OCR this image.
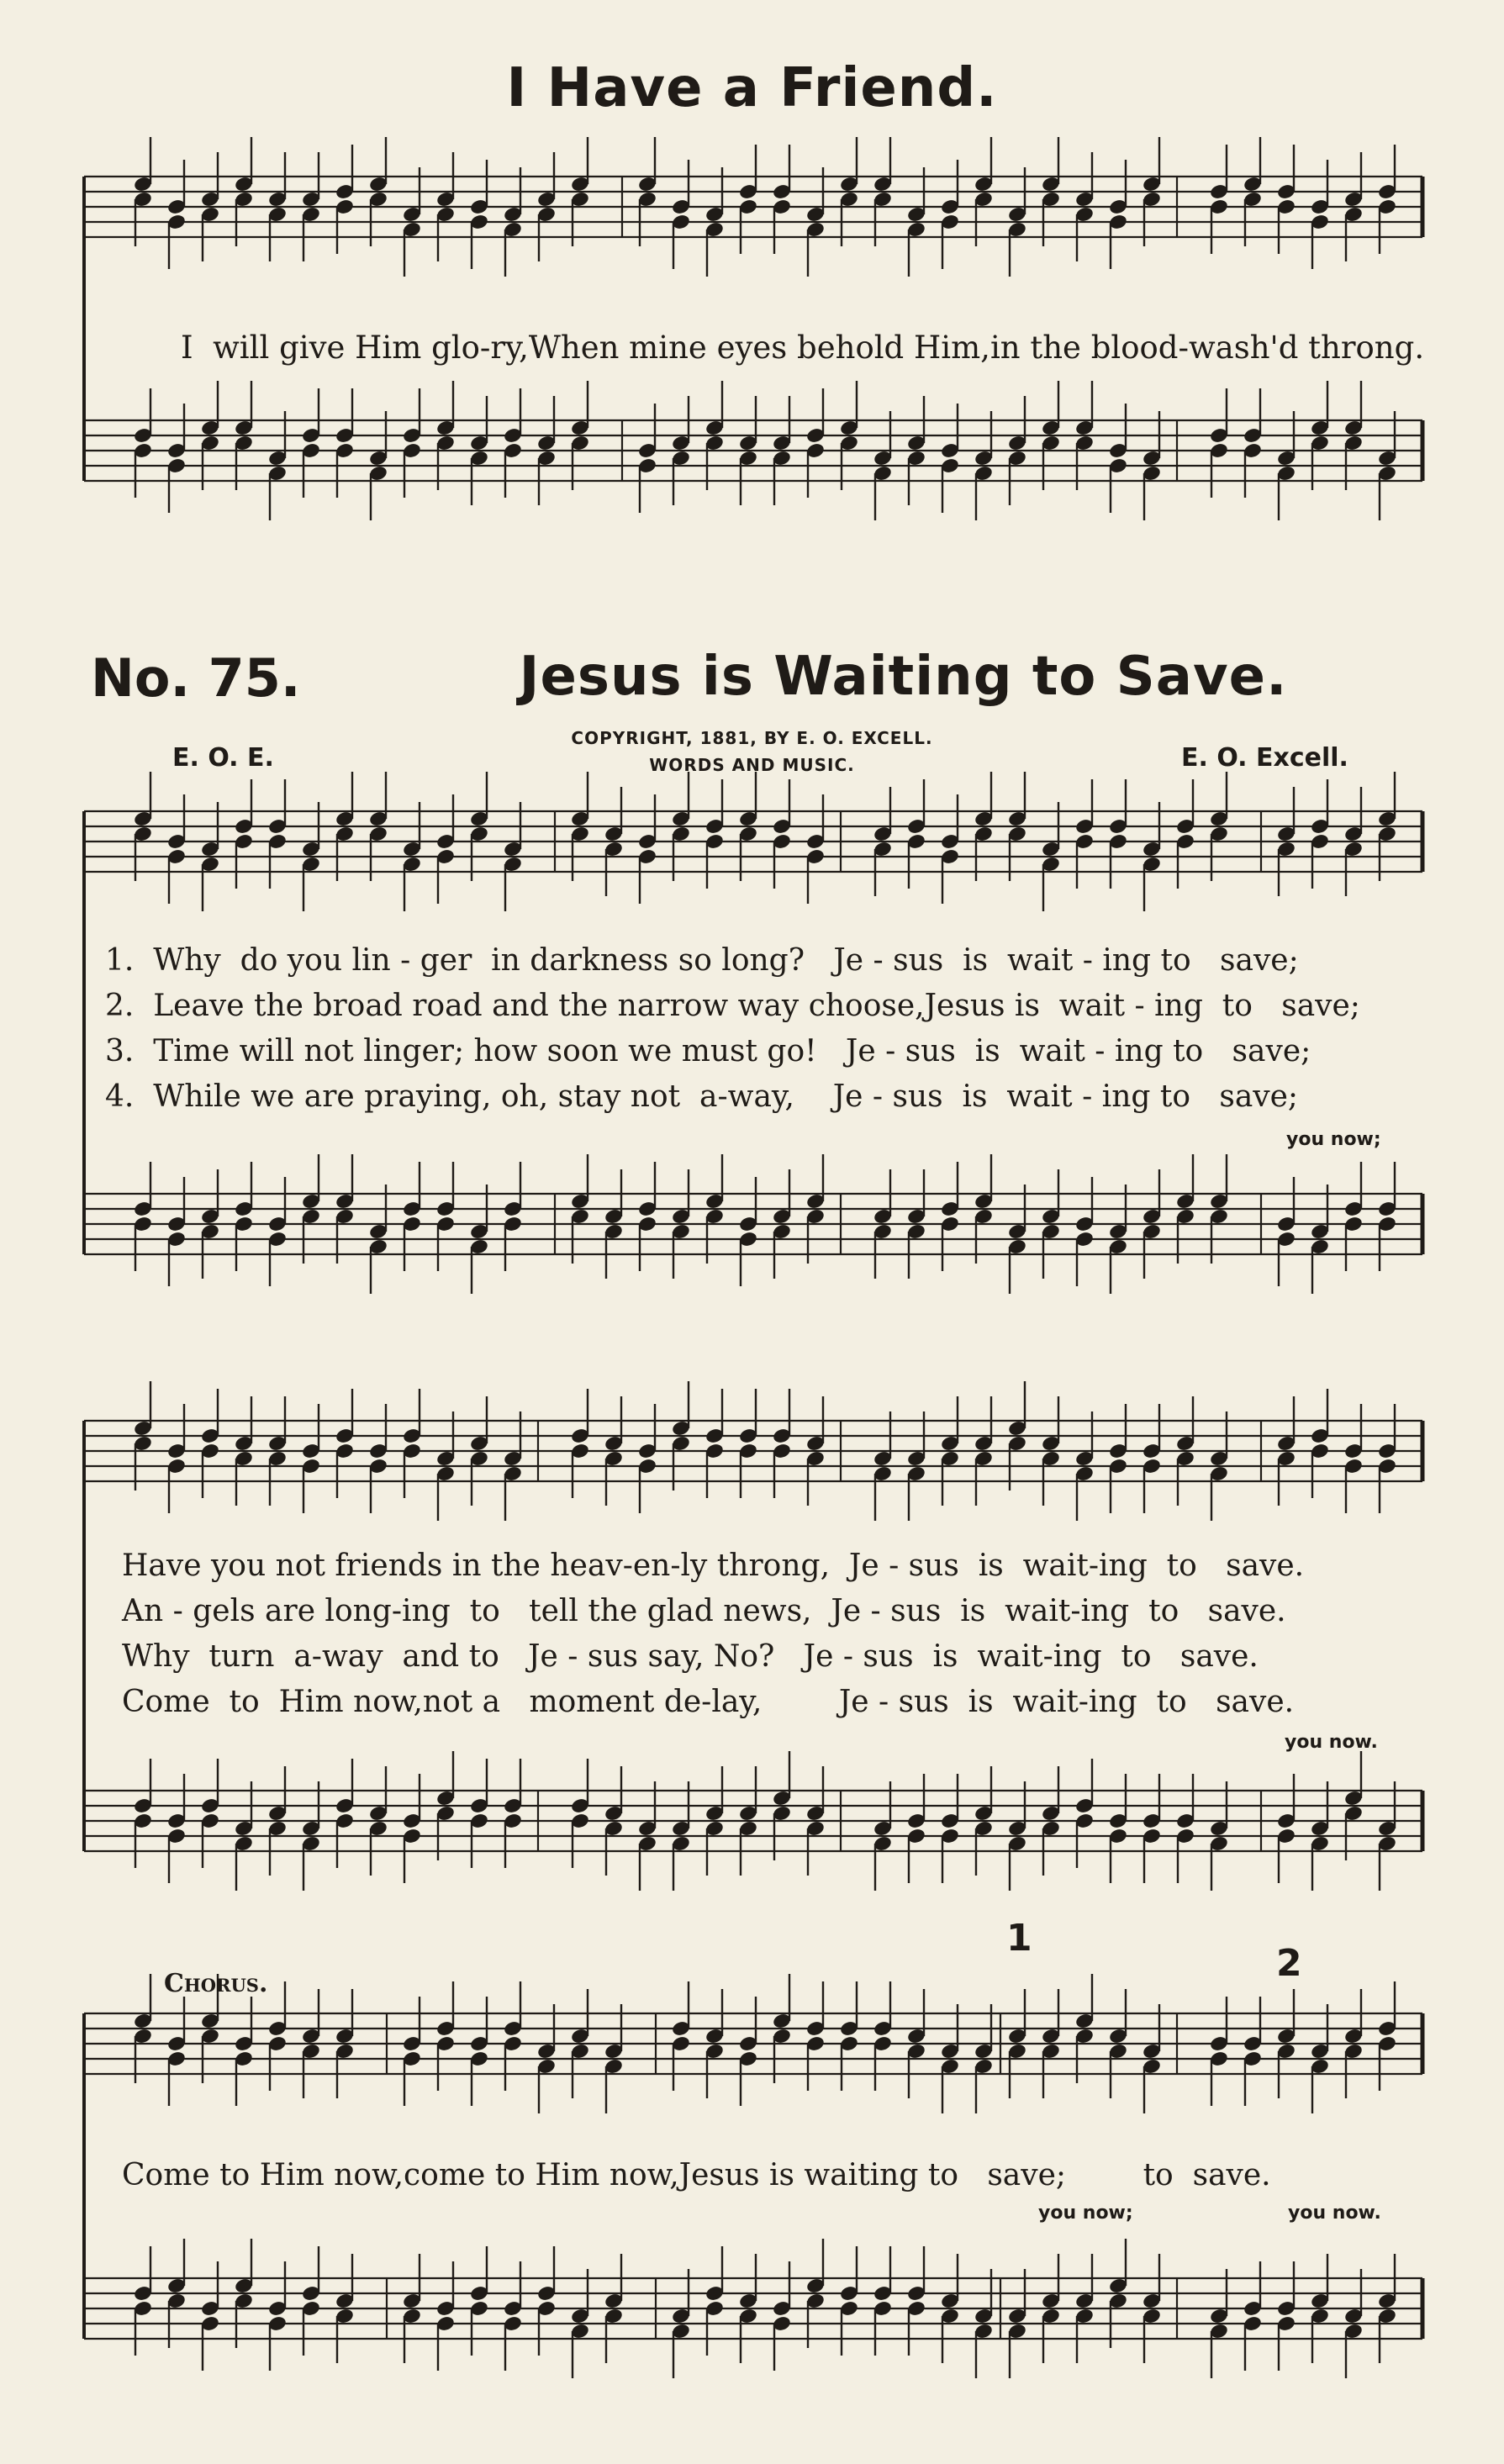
I Have a Friend.
I  will give Him glo-ry,When mine eyes behold Him,in the blood-wash'd throng.
No. 75.	Jesus is Waiting to Save.
COPYRIGHT, 1881, BY E. O. EXCELL.
WORDS AND MUSIC.
E. O. E.	E. O. Excell.
1.  Why  do you lin - ger  in darkness so long?   Je - sus  is  wait - ing to   save;
2.  Leave the broad road and the narrow way choose,Jesus is  wait - ing  to   save;
3.  Time will not linger; how soon we must go!   Je - sus  is  wait - ing to   save;
4.  While we are praying, oh, stay not  a-way,    Je - sus  is  wait - ing to   save;
you now;
Have you not friends in the heav-en-ly throng,  Je - sus  is  wait-ing  to   save.
An - gels are long-ing  to   tell the glad news,  Je - sus  is  wait-ing  to   save.
Why  turn  a-way  and to   Je - sus say, No?   Je - sus  is  wait-ing  to   save.
Come  to  Him now,not a   moment de-lay,        Je - sus  is  wait-ing  to   save.
you now.
Chorus.
1
2
Come to Him now,come to Him now,Jesus is waiting to   save;        to  save.
you now;	you now.
